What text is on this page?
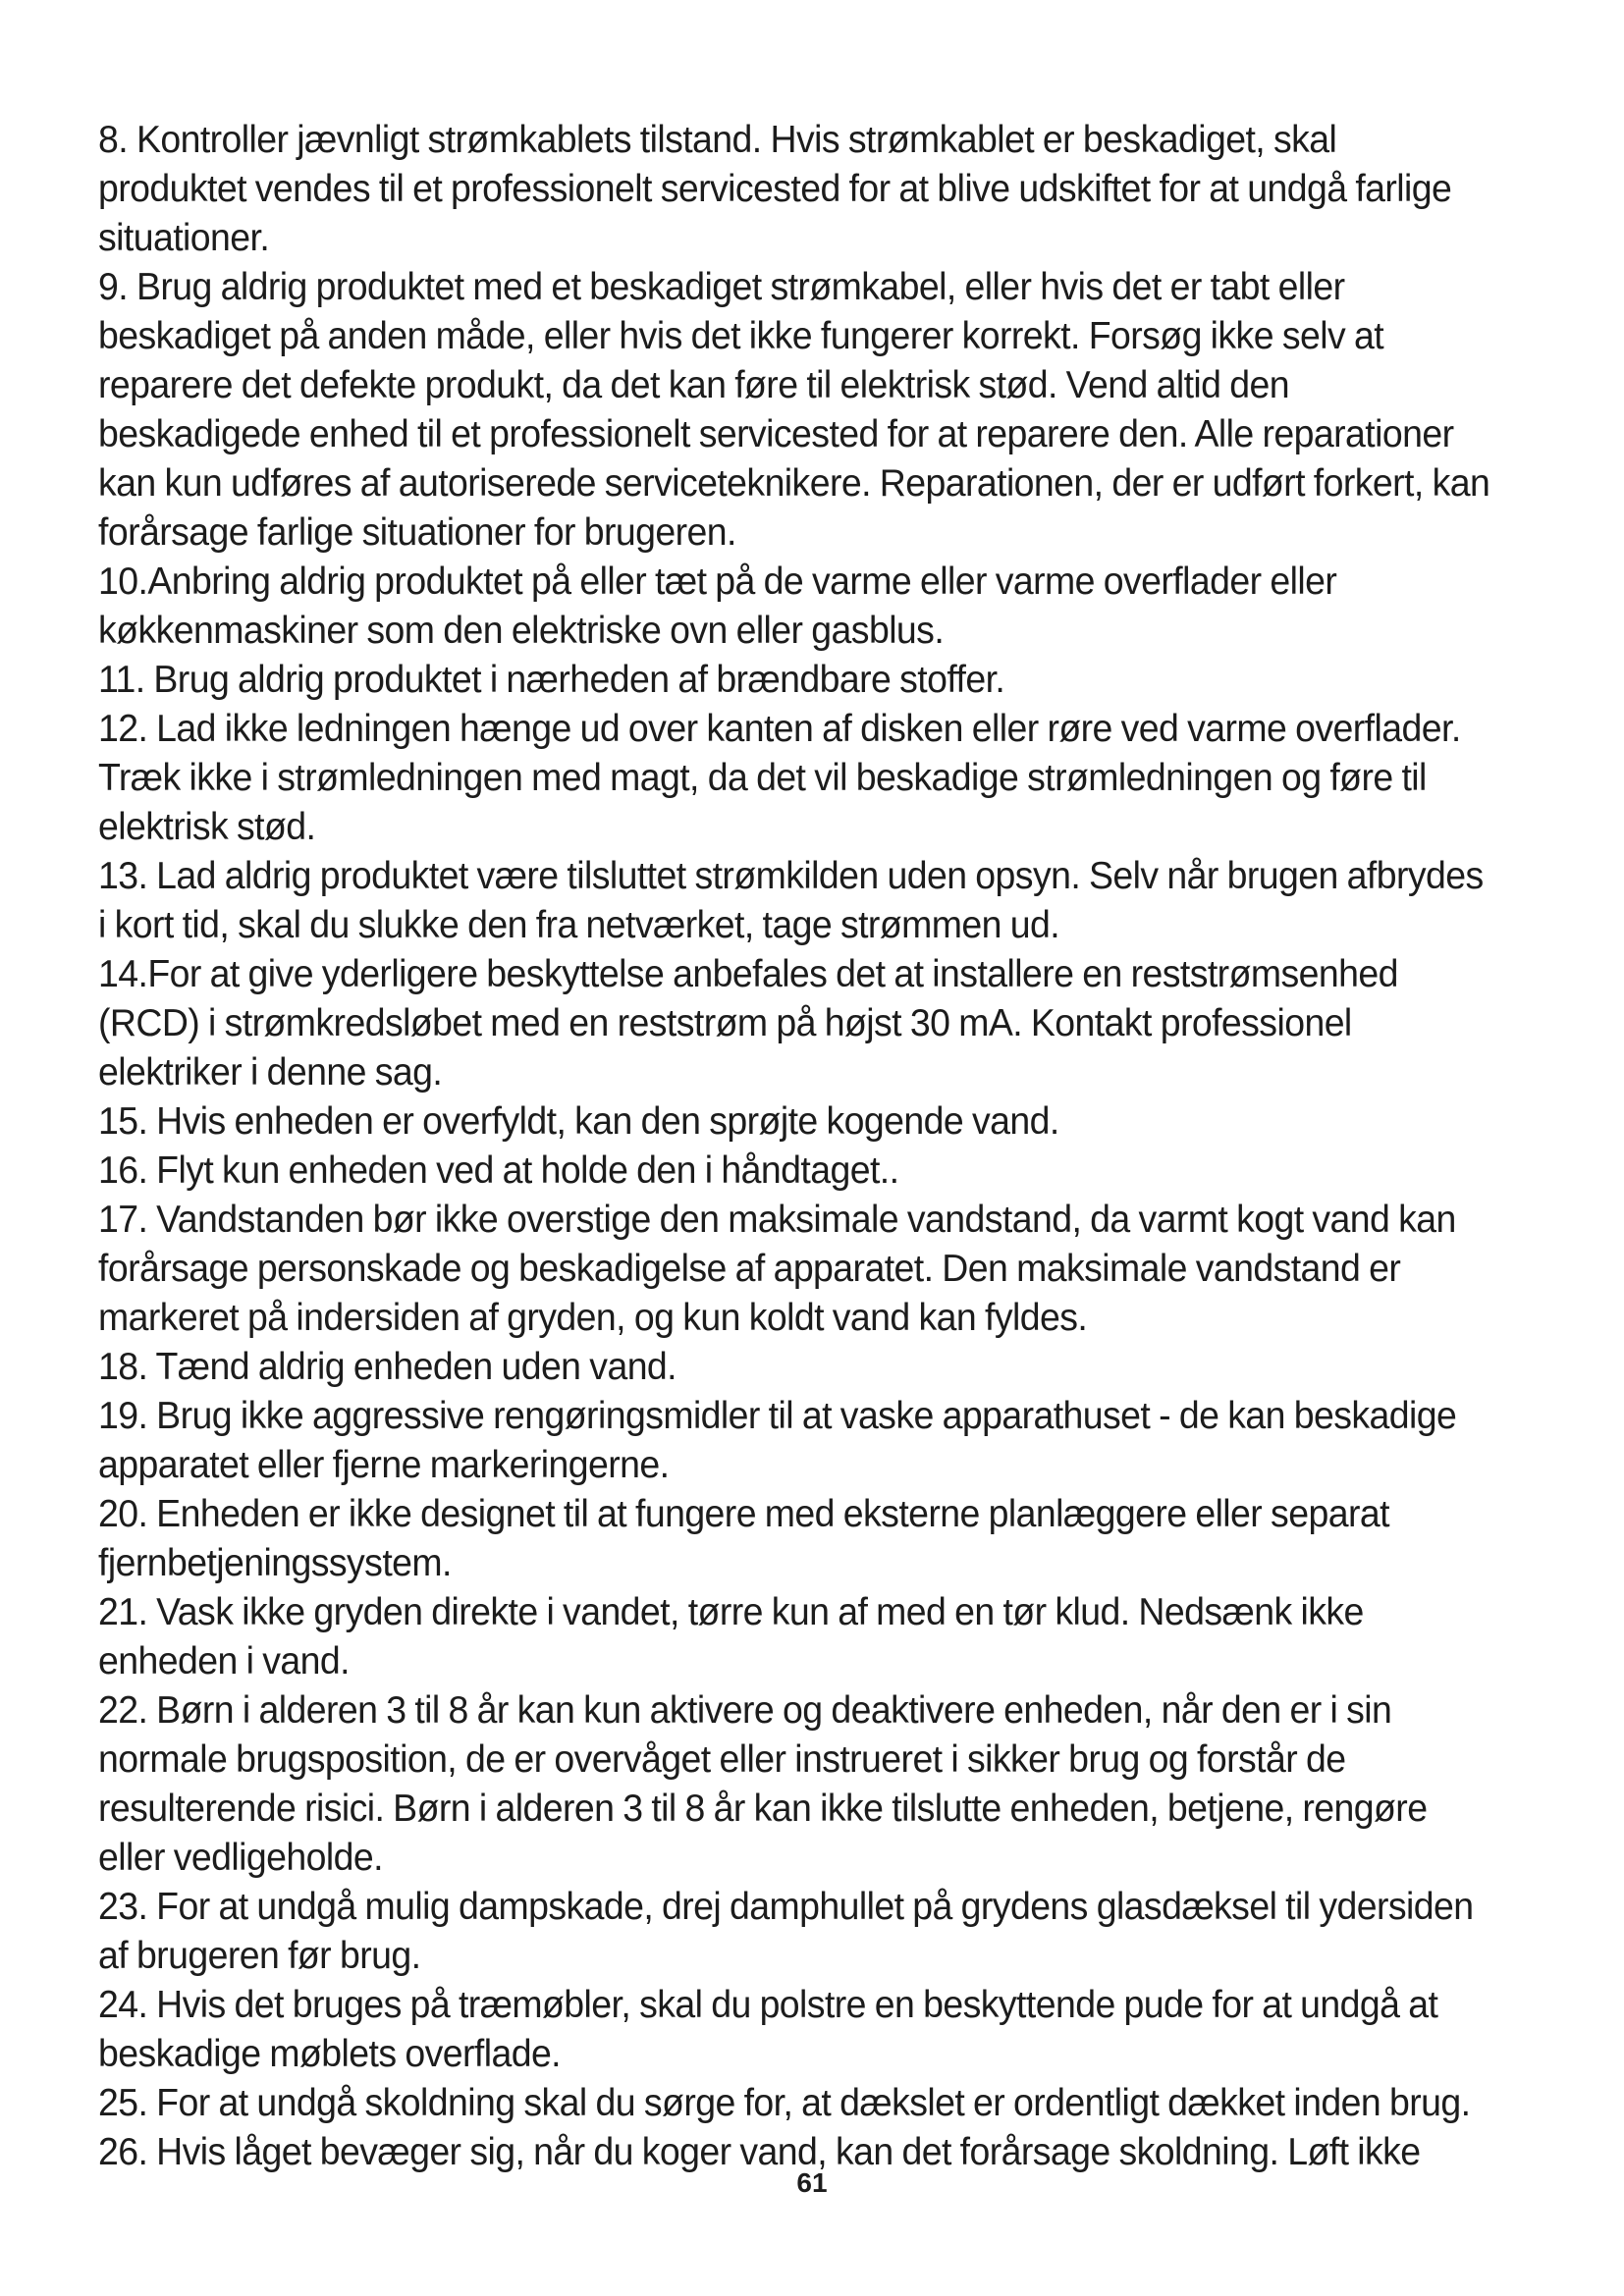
8. Kontroller jævnligt strømkablets tilstand. Hvis strømkablet er beskadiget, skal produktet vendes til et professionelt servicested for at blive udskiftet for at undgå farlige situationer.

9. Brug aldrig produktet med et beskadiget strømkabel, eller hvis det er tabt eller beskadiget på anden måde, eller hvis det ikke fungerer korrekt. Forsøg ikke selv at reparere det defekte produkt, da det kan føre til elektrisk stød. Vend altid den beskadigede enhed til et professionelt servicested for at reparere den. Alle reparationer kan kun udføres af autoriserede serviceteknikere. Reparationen, der er udført forkert, kan forårsage farlige situationer for brugeren.

10.Anbring aldrig produktet på eller tæt på de varme eller varme overflader eller køkkenmaskiner som den elektriske ovn eller gasblus.

11. Brug aldrig produktet i nærheden af brændbare stoffer.

12. Lad ikke ledningen hænge ud over kanten af disken eller røre ved varme overflader. Træk ikke i strømledningen med magt, da det vil beskadige strømledningen og føre til elektrisk stød.

13. Lad aldrig produktet være tilsluttet strømkilden uden opsyn. Selv når brugen afbrydes i kort tid, skal du slukke den fra netværket, tage strømmen ud.

14.For at give yderligere beskyttelse anbefales det at installere en reststrømsenhed (RCD) i strømkredsløbet med en reststrøm på højst 30 mA. Kontakt professionel elektriker i denne sag.

15. Hvis enheden er overfyldt, kan den sprøjte kogende vand.

16. Flyt kun enheden ved at holde den i håndtaget..

17. Vandstanden bør ikke overstige den maksimale vandstand, da varmt kogt vand kan forårsage personskade og beskadigelse af apparatet. Den maksimale vandstand er markeret på indersiden af gryden, og kun koldt vand kan fyldes.

18. Tænd aldrig enheden uden vand.

19. Brug ikke aggressive rengøringsmidler til at vaske apparathuset - de kan beskadige apparatet eller fjerne markeringerne.

20. Enheden er ikke designet til at fungere med eksterne planlæggere eller separat fjernbetjeningssystem.

21. Vask ikke gryden direkte i vandet, tørre kun af med en tør klud. Nedsænk ikke enheden i vand.

22. Børn i alderen 3 til 8 år kan kun aktivere og deaktivere enheden, når den er i sin normale brugsposition, de er overvåget eller instrueret i sikker brug og forstår de resulterende risici. Børn i alderen 3 til 8 år kan ikke tilslutte enheden, betjene, rengøre eller vedligeholde.

23. For at undgå mulig dampskade, drej damphullet på grydens glasdæksel til ydersiden af brugeren før brug.

24. Hvis det bruges på træmøbler, skal du polstre en beskyttende pude for at undgå at beskadige møblets overflade.

25. For at undgå skoldning skal du sørge for, at dækslet er ordentligt dækket inden brug.

26. Hvis låget bevæger sig, når du koger vand, kan det forårsage skoldning. Løft ikke

61
